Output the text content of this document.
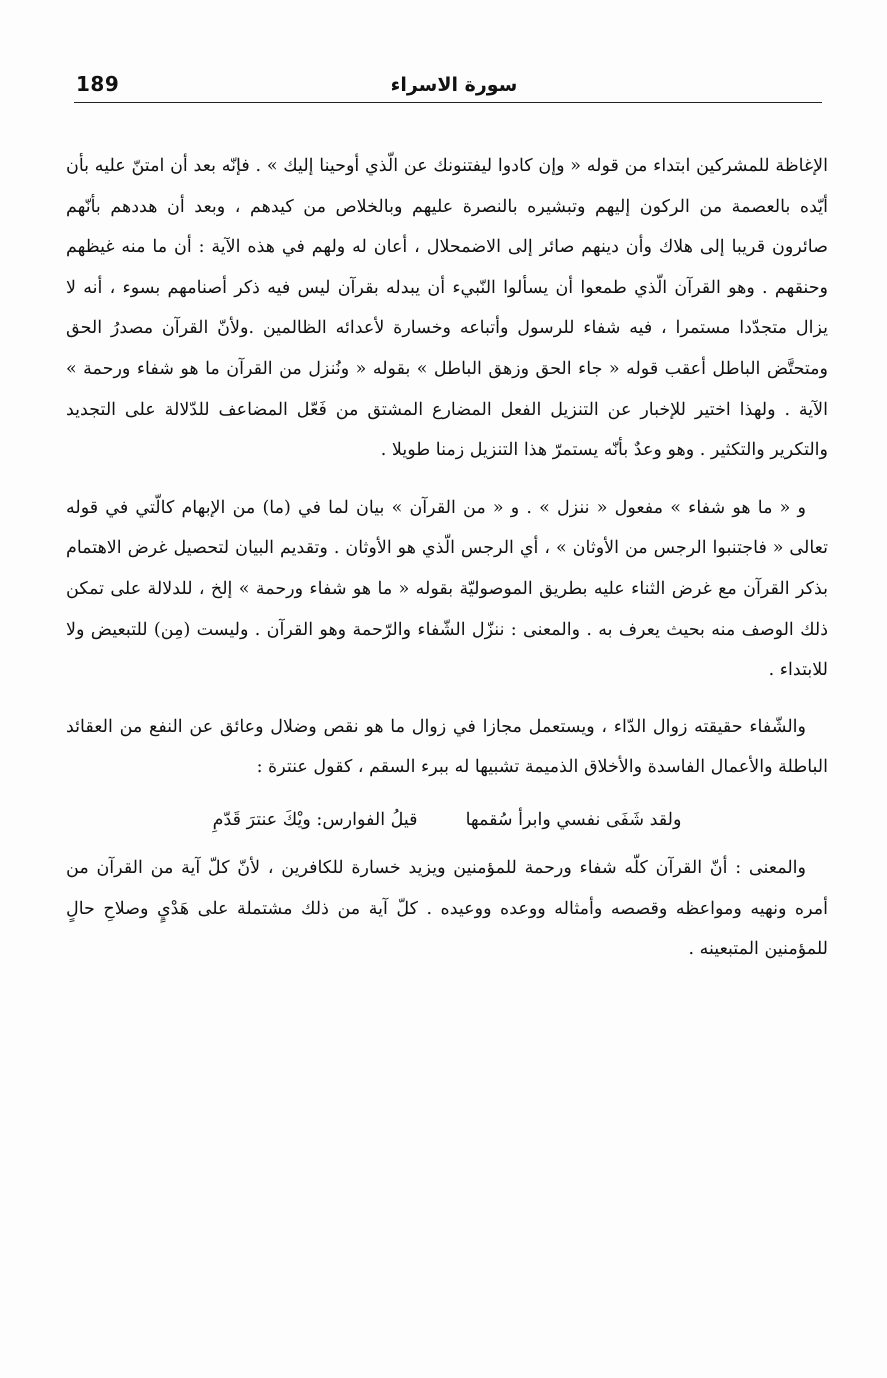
189	سورة الاسراء

الإغاظة للمشركين ابتداء من قوله « وإن كادوا ليفتنونك عن الّذي أوحينا إليك » . فإنّه بعد أن امتنّ عليه بأن أيّده بالعصمة من الركون إليهم وتبشيره بالنصرة عليهم وبالخلاص من كيدهم ، وبعد أن هددهم بأنّهم صائرون قريبا إلى هلاك وأن دينهم صائر إلى الاضمحلال ، أعان له ولهم في هذه الآية : أن ما منه غيظهم وحنقهم . وهو القرآن الّذي طمعوا أن يسألوا النّبيء أن يبدله بقرآن ليس فيه ذكر أصنامهم بسوء ، أنه لا يزال متجدّدا مستمرا ، فيه شفاء للرسول وأتباعه وخسارة لأعدائه الظالمين .ولأنّ القرآن مصدرُ الحق ومتحتَّض الباطل أعقب قوله « جاء الحق وزهق الباطل » بقوله « ونُنزل من القرآن ما هو شفاء ورحمة » الآية . ولهذا اختير للإخبار عن التنزيل الفعل المضارع المشتق من فَعّل المضاعف للدّلالة على التجديد والتكرير والتكثير . وهو وعدٌ بأنّه يستمرّ هذا التنزيل زمنا طويلا .

و « ما هو شفاء » مفعول « ننزل » . و « من القرآن » بيان لما في (ما) من الإبهام كالّتي في قوله تعالى « فاجتنبوا الرجس من الأوثان » ، أي الرجس الّذي هو الأوثان . وتقديم البيان لتحصيل غرض الاهتمام بذكر القرآن مع غرض الثناء عليه بطريق الموصوليّة بقوله « ما هو شفاء ورحمة » إلخ ، للدلالة على تمكن ذلك الوصف منه بحيث يعرف به . والمعنى : ننزّل الشّفاء والرّحمة وهو القرآن . وليست (مِن) للتبعيض ولا للابتداء .

والشّفاء حقيقته زوال الدّاء ، ويستعمل مجازا في زوال ما هو نقص وضلال وعائق عن النفع من العقائد الباطلة والأعمال الفاسدة والأخلاق الذميمة تشبيها له ببرء السقم ، كقول عنترة :

ولقد شَفَى نفسي وابرأ سُقمها
قيلُ الفوارس: ويْكَ عنترَ قَدّمِ

والمعنى : أنّ القرآن كلّه شفاء ورحمة للمؤمنين ويزيد خسارة للكافرين ، لأنّ كلّ آية من القرآن من أمره ونهيه ومواعظه وقصصه وأمثاله ووعده ووعيده . كلّ آية من ذلك مشتملة على هَدْيٍ وصلاحِ حالٍ للمؤمنين المتبعينه .
